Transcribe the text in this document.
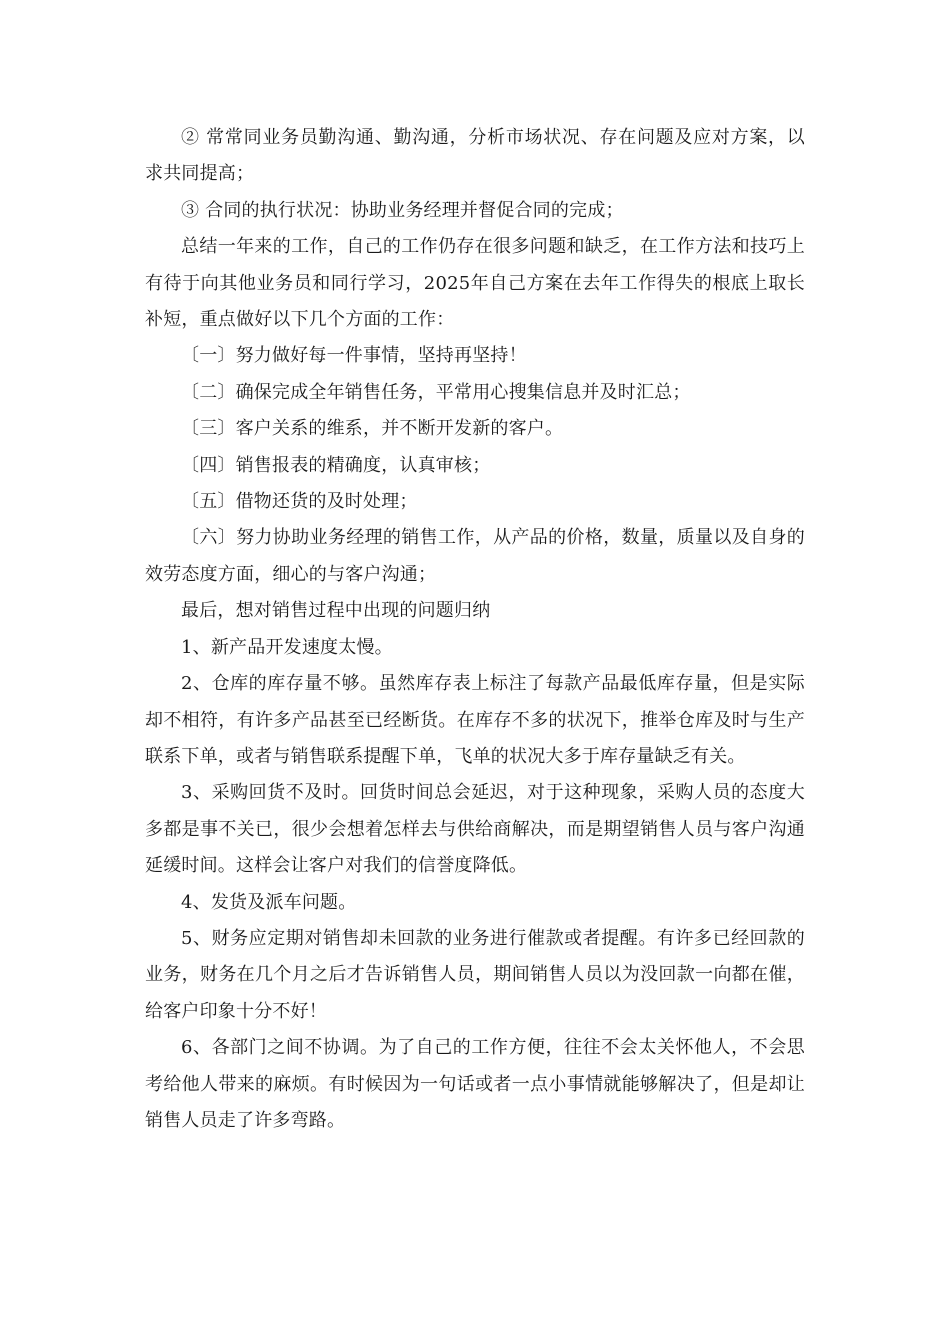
② 常常同业务员勤沟通、勤沟通，分析市场状况、存在问题及应对方案，以求共同提高；

③ 合同的执行状况：协助业务经理并督促合同的完成；

总结一年来的工作，自己的工作仍存在很多问题和缺乏，在工作方法和技巧上有待于向其他业务员和同行学习，2025年自己方案在去年工作得失的根底上取长补短，重点做好以下几个方面的工作：

〔一〕努力做好每一件事情，坚持再坚持！

〔二〕确保完成全年销售任务，平常用心搜集信息并及时汇总；

〔三〕客户关系的维系，并不断开发新的客户。

〔四〕销售报表的精确度，认真审核；

〔五〕借物还货的及时处理；

〔六〕努力协助业务经理的销售工作，从产品的价格，数量，质量以及自身的效劳态度方面，细心的与客户沟通；

最后，想对销售过程中出现的问题归纳

1、新产品开发速度太慢。

2、仓库的库存量不够。虽然库存表上标注了每款产品最低库存量，但是实际却不相符，有许多产品甚至已经断货。在库存不多的状况下，推举仓库及时与生产联系下单，或者与销售联系提醒下单，飞单的状况大多于库存量缺乏有关。

3、采购回货不及时。回货时间总会延迟，对于这种现象，采购人员的态度大多都是事不关已，很少会想着怎样去与供给商解决，而是期望销售人员与客户沟通延缓时间。这样会让客户对我们的信誉度降低。

4、发货及派车问题。

5、财务应定期对销售却未回款的业务进行催款或者提醒。有许多已经回款的业务，财务在几个月之后才告诉销售人员，期间销售人员以为没回款一向都在催，给客户印象十分不好！

6、各部门之间不协调。为了自己的工作方便，往往不会太关怀他人，不会思考给他人带来的麻烦。有时候因为一句话或者一点小事情就能够解决了，但是却让销售人员走了许多弯路。
